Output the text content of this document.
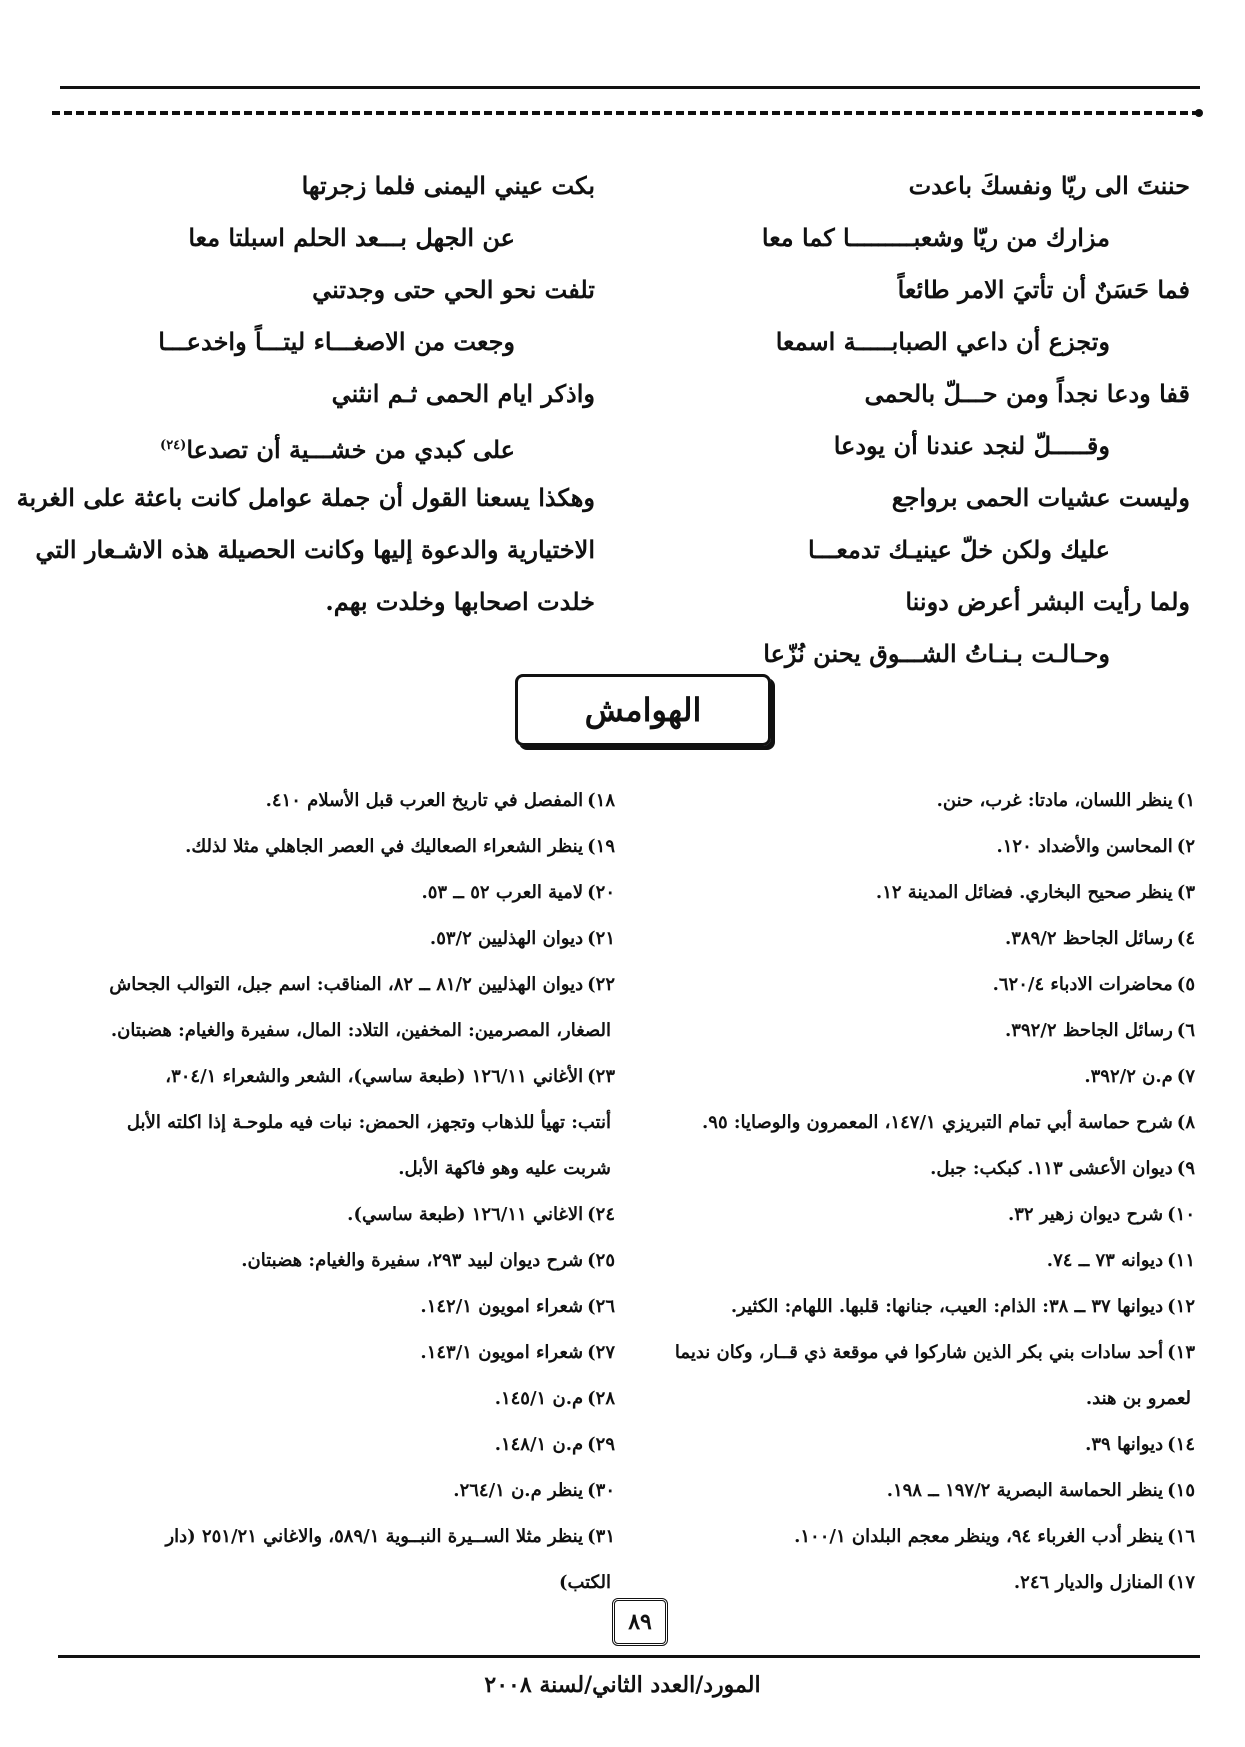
حننتَ الى ريّا ونفسكَ باعدت
مزارك من ريّا وشعبـــــــــا كما معا
فما حَسَنٌ أن تأتيَ الامر طائعاً
وتجزع أن داعي الصبابـــــة اسمعا
قفا ودعا نجداً ومن حـــلّ بالحمى
وقـــــلّ لنجد عندنا أن يودعا
وليست عشيات الحمى برواجع
عليك ولكن خلّ عينيـك تدمعـــا
ولما رأيت البشر أعرض دوننا
وحـالـت بـنـاتُ الشـــوق يحنن نُزّعا
بكت عيني اليمنى فلما زجرتها
عن الجهل بـــعد الحلم اسبلتا معا
تلفت نحو الحي حتى وجدتني
وجعت من الاصغـــاء ليتـــاً واخدعـــا
واذكر ايام الحمى ثـم انثني
على كبدي من خشـــية أن تصدعا$^{(٢٤)}$
وهكذا يسعنا القول أن جملة عوامل كانت باعثة على الغربة
الاختيارية والدعوة إليها وكانت الحصيلة هذه الاشـعار التي
خلدت اصحابها وخلدت بهم.
الهوامش
١)ينظر اللسان، مادتا: غرب، حنن.
٢)المحاسن والأضداد ١٢٠.
٣)ينظر صحيح البخاري. فضائل المدينة ١٢.
٤)رسائل الجاحظ ٣٨٩/٢.
٥)محاضرات الادباء ٦٢٠/٤.
٦)رسائل الجاحظ ٣٩٢/٢.
٧)م.ن ٣٩٢/٢.
٨)شرح حماسة أبي تمام التبريزي ١٤٧/١، المعمرون والوصايا: ٩٥.
٩)ديوان الأعشى ١١٣. كبكب: جبل.
١٠)شرح ديوان زهير ٣٢.
١١)ديوانه ٧٣ ــ ٧٤.
١٢)ديوانها ٣٧ ــ ٣٨: الذام: العيب، جنانها: قلبها. اللهام: الكثير.
١٣)أحد سادات بني بكر الذين شاركوا في موقعة ذي قــار، وكان نديما
لعمرو بن هند.
١٤)ديوانها ٣٩.
١٥)ينظر الحماسة البصرية ١٩٧/٢ ــ ١٩٨.
١٦)ينظر أدب الغرباء ٩٤، وينظر معجم البلدان ١٠٠/١.
١٧)المنازل والديار ٢٤٦.
١٨)المفصل في تاريخ العرب قبل الأسلام ٤١٠.
١٩)ينظر الشعراء الصعاليك في العصر الجاهلي مثلا لذلك.
٢٠)لامية العرب ٥٢ ــ ٥٣.
٢١)ديوان الهذليين ٥٣/٢.
٢٢)ديوان الهذليين ٨١/٢ ــ ٨٢، المناقب: اسم جبل، التوالب الجحاش
الصغار، المصرمين: المخفين، التلاد: المال، سفيرة والغيام: هضبتان.
٢٣)الأغاني ١٢٦/١١ (طبعة ساسي)، الشعر والشعراء ٣٠٤/١،
أنتب: تهيأ للذهاب وتجهز، الحمض: نبات فيه ملوحـة إذا اكلته الأبل
شربت عليه وهو فاكهة الأبل.
٢٤)الاغاني ١٢٦/١١ (طبعة ساسي).
٢٥)شرح ديوان لبيد ٢٩٣، سفيرة والغيام: هضبتان.
٢٦)شعراء امويون ١٤٢/١.
٢٧)شعراء امويون ١٤٣/١.
٢٨)م.ن ١٤٥/١.
٢٩)م.ن ١٤٨/١.
٣٠)ينظر م.ن ٢٦٤/١.
٣١)ينظر مثلا الســيرة النبــوية ٥٨٩/١، والاغاني ٢٥١/٢١ (دار
الكتب)
٨٩
المورد/العدد الثاني/لسنة ٢٠٠٨
